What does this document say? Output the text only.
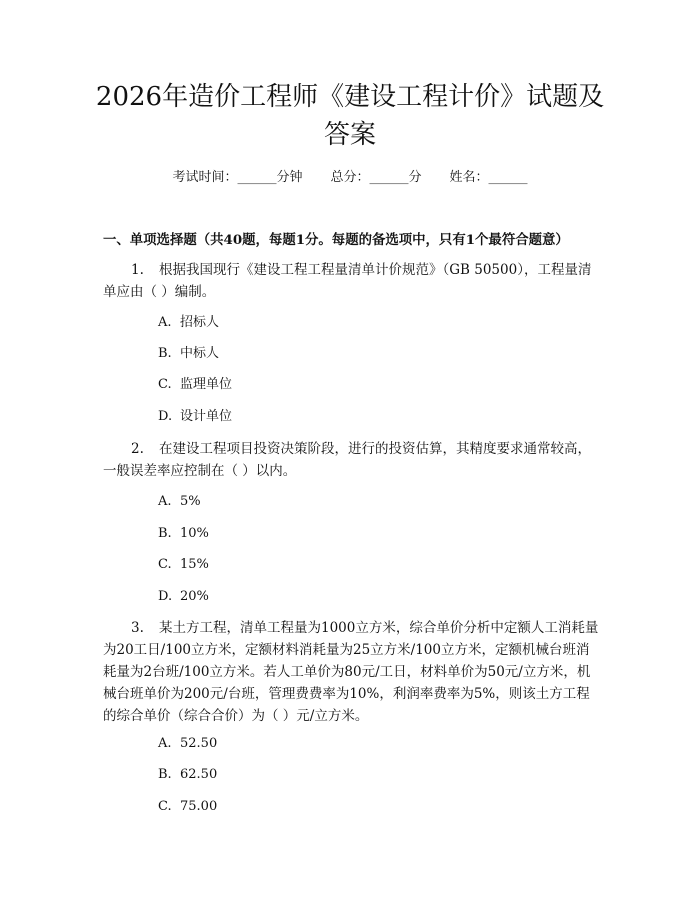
2026年造价工程师《建设工程计价》试题及答案
考试时间：______分钟 总分：______分 姓名：______
一、单项选择题（共40题，每题1分。每题的备选项中，只有1个最符合题意）

1. 根据我国现行《建设工程工程量清单计价规范》（GB 50500），工程量清单应由（ ）编制。

A. 招标人
B. 中标人
C. 监理单位
D. 设计单位

2. 在建设工程项目投资决策阶段，进行的投资估算，其精度要求通常较高，一般误差率应控制在（ ）以内。

A. 5%
B. 10%
C. 15%
D. 20%

3. 某土方工程，清单工程量为1000立方米，综合单价分析中定额人工消耗量为20工日/100立方米，定额材料消耗量为25立方米/100立方米，定额机械台班消耗量为2台班/100立方米。若人工单价为80元/工日，材料单价为50元/立方米，机械台班单价为200元/台班，管理费费率为10%，利润率费率为5%，则该土方工程的综合单价（综合合价）为（ ）元/立方米。

A. 52.50
B. 62.50
C. 75.00
